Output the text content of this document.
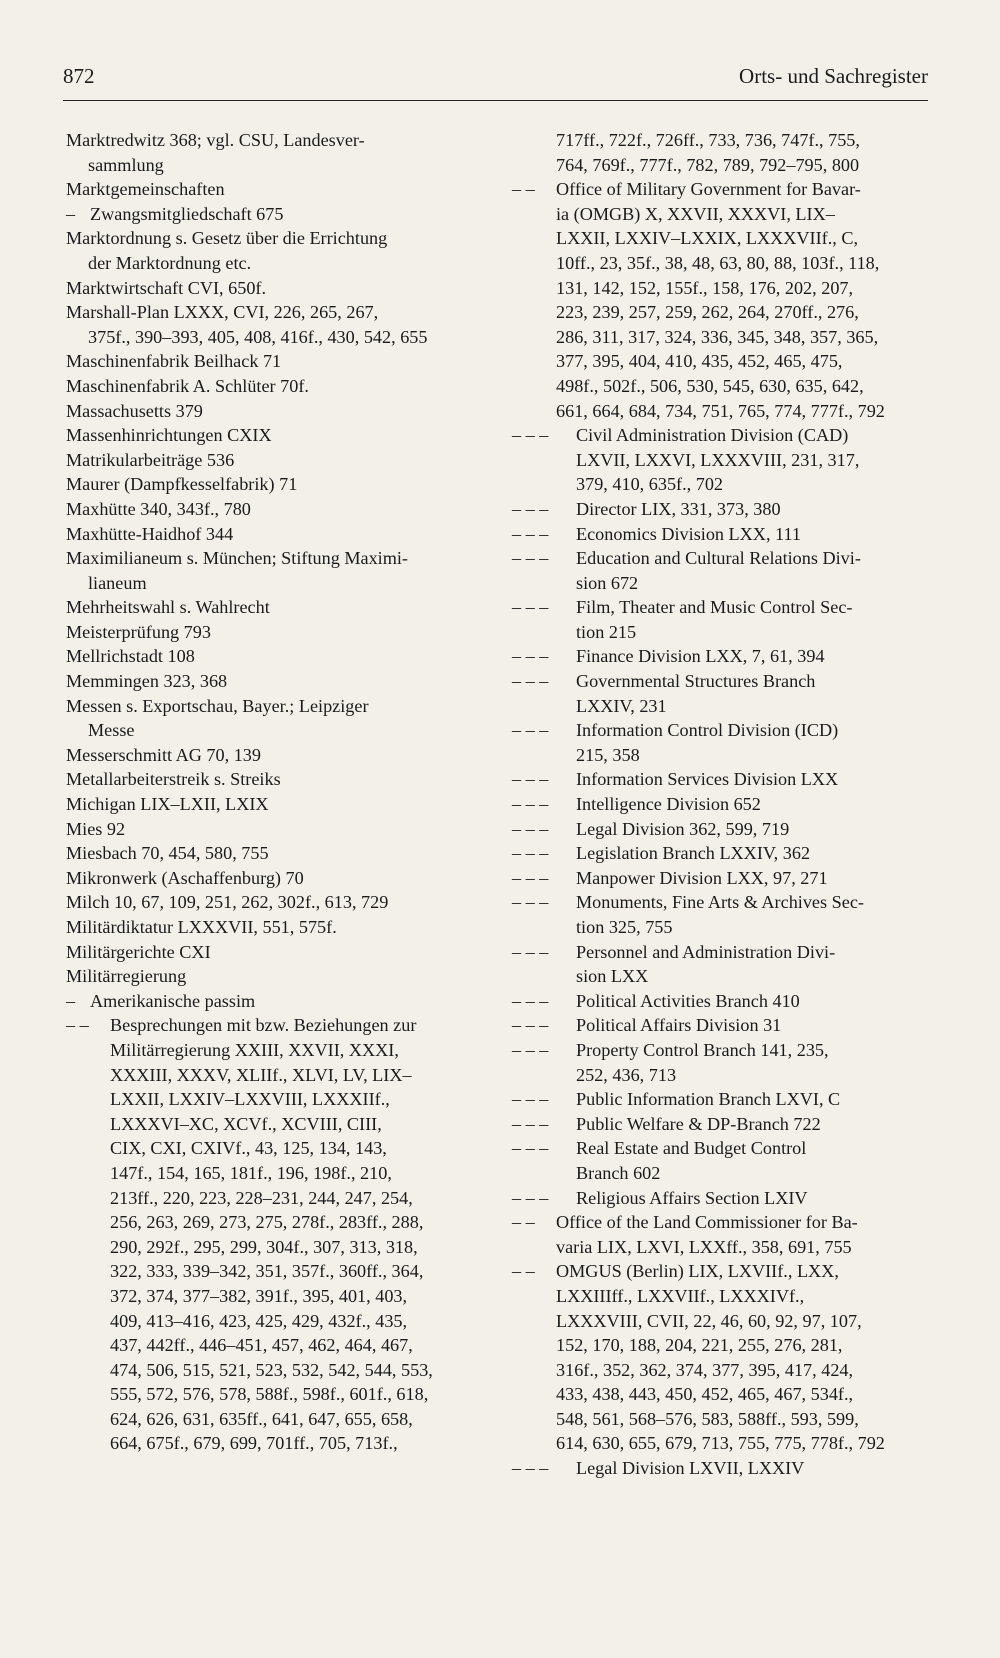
872	Orts- und Sachregister
Marktredwitz 368; vgl. CSU, Landesver-
sammlung
Marktgemeinschaften
– Zwangsmitgliedschaft 675
Marktordnung s. Gesetz über die Errichtung
der Marktordnung etc.
Marktwirtschaft CVI, 650f.
Marshall-Plan LXXX, CVI, 226, 265, 267,
375f., 390–393, 405, 408, 416f., 430, 542, 655
Maschinenfabrik Beilhack 71
Maschinenfabrik A. Schlüter 70f.
Massachusetts 379
Massenhinrichtungen CXIX
Matrikularbeiträge 536
Maurer (Dampfkesselfabrik) 71
Maxhütte 340, 343f., 780
Maxhütte-Haidhof 344
Maximilianeum s. München; Stiftung Maximi-
lianeum
Mehrheitswahl s. Wahlrecht
Meisterprüfung 793
Mellrichstadt 108
Memmingen 323, 368
Messen s. Exportschau, Bayer.; Leipziger
Messe
Messerschmitt AG 70, 139
Metallarbeiterstreik s. Streiks
Michigan LIX–LXII, LXIX
Mies 92
Miesbach 70, 454, 580, 755
Mikronwerk (Aschaffenburg) 70
Milch 10, 67, 109, 251, 262, 302f., 613, 729
Militärdiktatur LXXXVII, 551, 575f.
Militärgerichte CXI
Militärregierung
– Amerikanische passim
– – Besprechungen mit bzw. Beziehungen zur
Militärregierung XXIII, XXVII, XXXI,
XXXIII, XXXV, XLIIf., XLVI, LV, LIX–
LXXII, LXXIV–LXXVIII, LXXXIIf.,
LXXXVI–XC, XCVf., XCVIII, CIII,
CIX, CXI, CXIVf., 43, 125, 134, 143,
147f., 154, 165, 181f., 196, 198f., 210,
213ff., 220, 223, 228–231, 244, 247, 254,
256, 263, 269, 273, 275, 278f., 283ff., 288,
290, 292f., 295, 299, 304f., 307, 313, 318,
322, 333, 339–342, 351, 357f., 360ff., 364,
372, 374, 377–382, 391f., 395, 401, 403,
409, 413–416, 423, 425, 429, 432f., 435,
437, 442ff., 446–451, 457, 462, 464, 467,
474, 506, 515, 521, 523, 532, 542, 544, 553,
555, 572, 576, 578, 588f., 598f., 601f., 618,
624, 626, 631, 635ff., 641, 647, 655, 658,
664, 675f., 679, 699, 701ff., 705, 713f.,
717ff., 722f., 726ff., 733, 736, 747f., 755,
764, 769f., 777f., 782, 789, 792–795, 800
– – Office of Military Government for Bavar-
ia (OMGB) X, XXVII, XXXVI, LIX–
LXXII, LXXIV–LXXIX, LXXXVIIf., C,
10ff., 23, 35f., 38, 48, 63, 80, 88, 103f., 118,
131, 142, 152, 155f., 158, 176, 202, 207,
223, 239, 257, 259, 262, 264, 270ff., 276,
286, 311, 317, 324, 336, 345, 348, 357, 365,
377, 395, 404, 410, 435, 452, 465, 475,
498f., 502f., 506, 530, 545, 630, 635, 642,
661, 664, 684, 734, 751, 765, 774, 777f., 792
– – – Civil Administration Division (CAD)
LXVII, LXXVI, LXXXVIII, 231, 317,
379, 410, 635f., 702
– – – Director LIX, 331, 373, 380
– – – Economics Division LXX, 111
– – – Education and Cultural Relations Divi-
sion 672
– – – Film, Theater and Music Control Sec-
tion 215
– – – Finance Division LXX, 7, 61, 394
– – – Governmental Structures Branch
LXXIV, 231
– – – Information Control Division (ICD)
215, 358
– – – Information Services Division LXX
– – – Intelligence Division 652
– – – Legal Division 362, 599, 719
– – – Legislation Branch LXXIV, 362
– – – Manpower Division LXX, 97, 271
– – – Monuments, Fine Arts & Archives Sec-
tion 325, 755
– – – Personnel and Administration Divi-
sion LXX
– – – Political Activities Branch 410
– – – Political Affairs Division 31
– – – Property Control Branch 141, 235,
252, 436, 713
– – – Public Information Branch LXVI, C
– – – Public Welfare & DP-Branch 722
– – – Real Estate and Budget Control
Branch 602
– – – Religious Affairs Section LXIV
– – Office of the Land Commissioner for Ba-
varia LIX, LXVI, LXXff., 358, 691, 755
– – OMGUS (Berlin) LIX, LXVIIf., LXX,
LXXIIIff., LXXVIIf., LXXXIVf.,
LXXXVIII, CVII, 22, 46, 60, 92, 97, 107,
152, 170, 188, 204, 221, 255, 276, 281,
316f., 352, 362, 374, 377, 395, 417, 424,
433, 438, 443, 450, 452, 465, 467, 534f.,
548, 561, 568–576, 583, 588ff., 593, 599,
614, 630, 655, 679, 713, 755, 775, 778f., 792
– – – Legal Division LXVII, LXXIV
